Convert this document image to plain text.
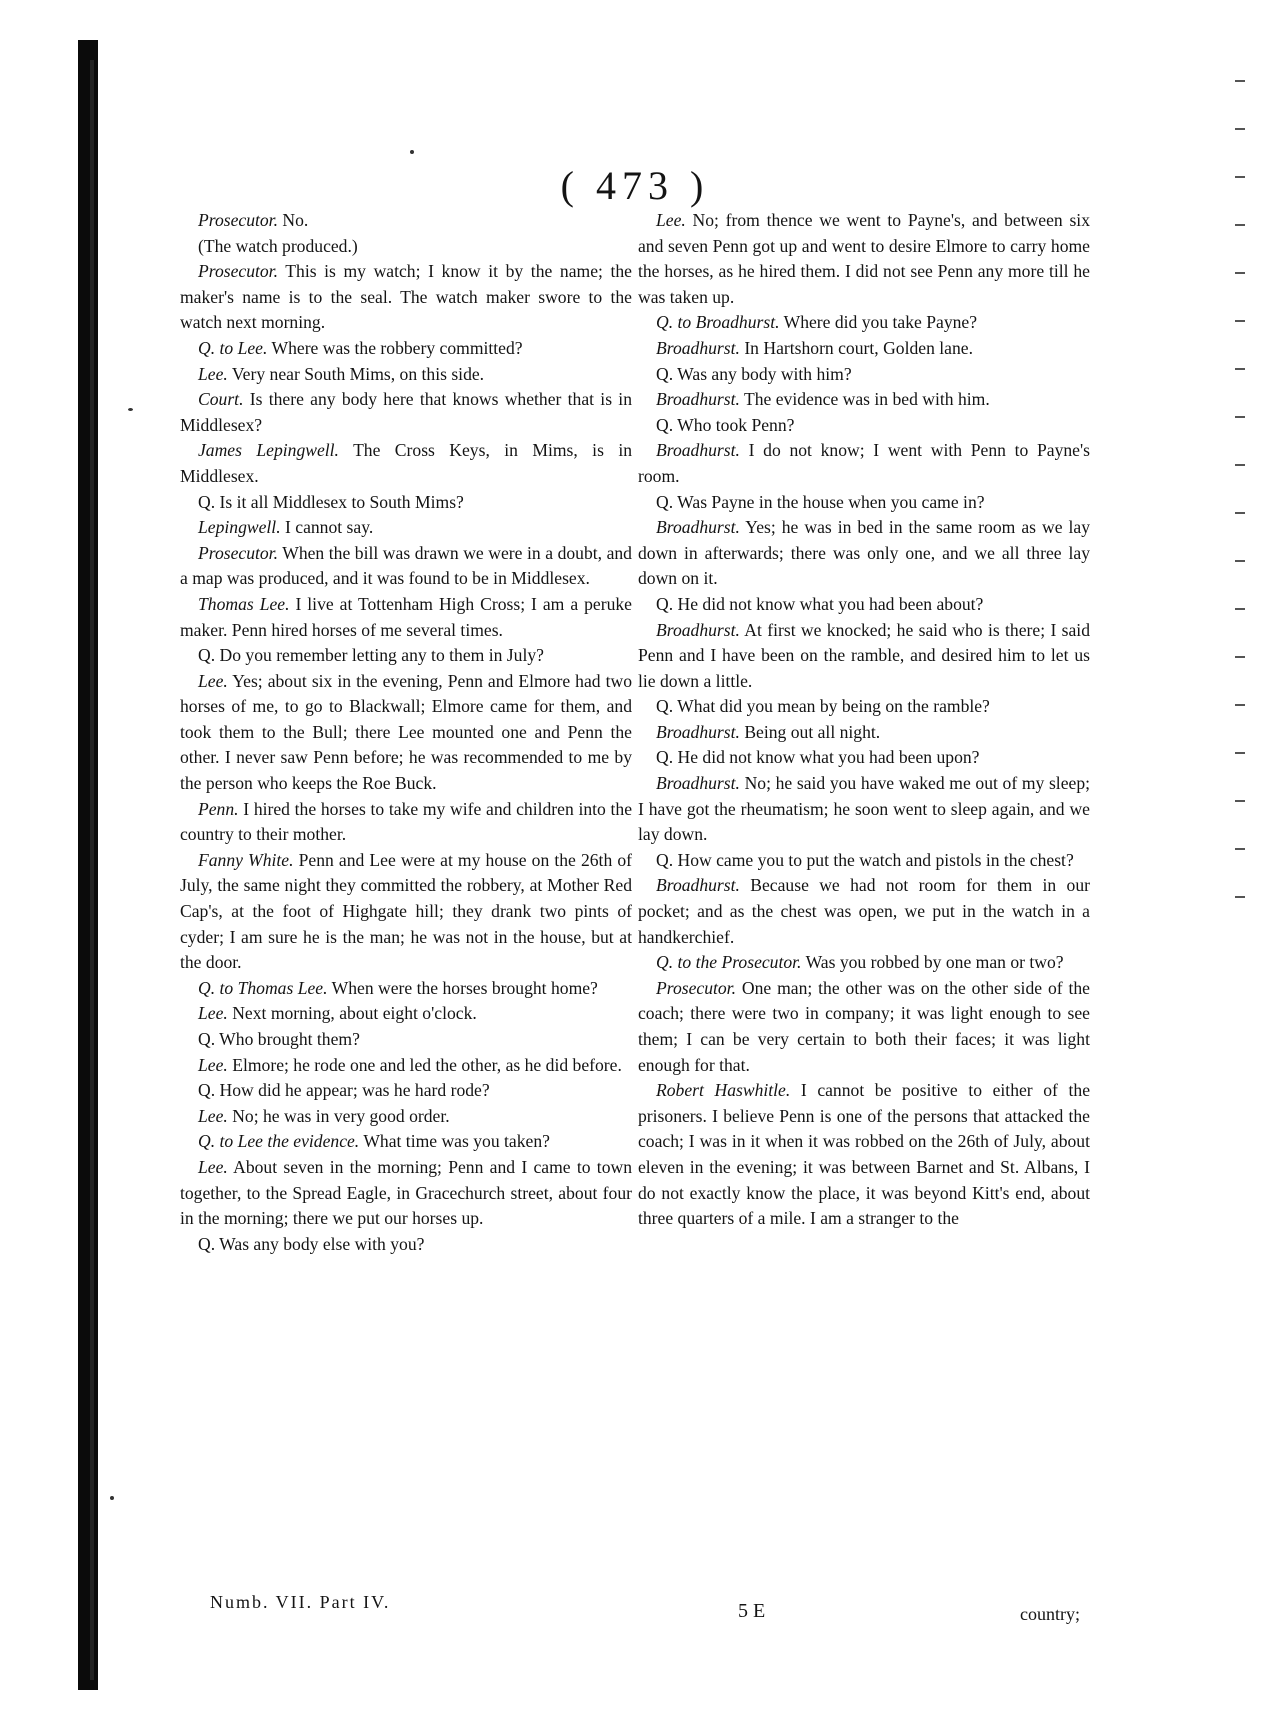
( 473 )

Prosecutor. No.

(The watch produced.)

Prosecutor. This is my watch; I know it by the name; the maker's name is to the seal. The watch maker swore to the watch next morning.

Q. to Lee. Where was the robbery committed?

Lee. Very near South Mims, on this side.

Court. Is there any body here that knows whether that is in Middlesex?

James Lepingwell. The Cross Keys, in Mims, is in Middlesex.

Q. Is it all Middlesex to South Mims?

Lepingwell. I cannot say.

Prosecutor. When the bill was drawn we were in a doubt, and a map was produced, and it was found to be in Middlesex.

Thomas Lee. I live at Tottenham High Cross; I am a peruke maker. Penn hired horses of me several times.

Q. Do you remember letting any to them in July?

Lee. Yes; about six in the evening, Penn and Elmore had two horses of me, to go to Blackwall; Elmore came for them, and took them to the Bull; there Lee mounted one and Penn the other. I never saw Penn before; he was recommended to me by the person who keeps the Roe Buck.

Penn. I hired the horses to take my wife and children into the country to their mother.

Fanny White. Penn and Lee were at my house on the 26th of July, the same night they committed the robbery, at Mother Red Cap's, at the foot of Highgate hill; they drank two pints of cyder; I am sure he is the man; he was not in the house, but at the door.

Q. to Thomas Lee. When were the horses brought home?

Lee. Next morning, about eight o'clock.

Q. Who brought them?

Lee. Elmore; he rode one and led the other, as he did before.

Q. How did he appear; was he hard rode?

Lee. No; he was in very good order.

Q. to Lee the evidence. What time was you taken?

Lee. About seven in the morning; Penn and I came to town together, to the Spread Eagle, in Gracechurch street, about four in the morning; there we put our horses up.

Q. Was any body else with you?

Lee. No; from thence we went to Payne's, and between six and seven Penn got up and went to desire Elmore to carry home the horses, as he hired them. I did not see Penn any more till he was taken up.

Q. to Broadhurst. Where did you take Payne?

Broadhurst. In Hartshorn court, Golden lane.

Q. Was any body with him?

Broadhurst. The evidence was in bed with him.

Q. Who took Penn?

Broadhurst. I do not know; I went with Penn to Payne's room.

Q. Was Payne in the house when you came in?

Broadhurst. Yes; he was in bed in the same room as we lay down in afterwards; there was only one, and we all three lay down on it.

Q. He did not know what you had been about?

Broadhurst. At first we knocked; he said who is there; I said Penn and I have been on the ramble, and desired him to let us lie down a little.

Q. What did you mean by being on the ramble?

Broadhurst. Being out all night.

Q. He did not know what you had been upon?

Broadhurst. No; he said you have waked me out of my sleep; I have got the rheumatism; he soon went to sleep again, and we lay down.

Q. How came you to put the watch and pistols in the chest?

Broadhurst. Because we had not room for them in our pocket; and as the chest was open, we put in the watch in a handkerchief.

Q. to the Prosecutor. Was you robbed by one man or two?

Prosecutor. One man; the other was on the other side of the coach; there were two in company; it was light enough to see them; I can be very certain to both their faces; it was light enough for that.

Robert Haswhitle. I cannot be positive to either of the prisoners. I believe Penn is one of the persons that attacked the coach; I was in it when it was robbed on the 26th of July, about eleven in the evening; it was between Barnet and St. Albans, I do not exactly know the place, it was beyond Kitt's end, about three quarters of a mile. I am a stranger to the

Numb. VII. Part IV.	5 E	country;
